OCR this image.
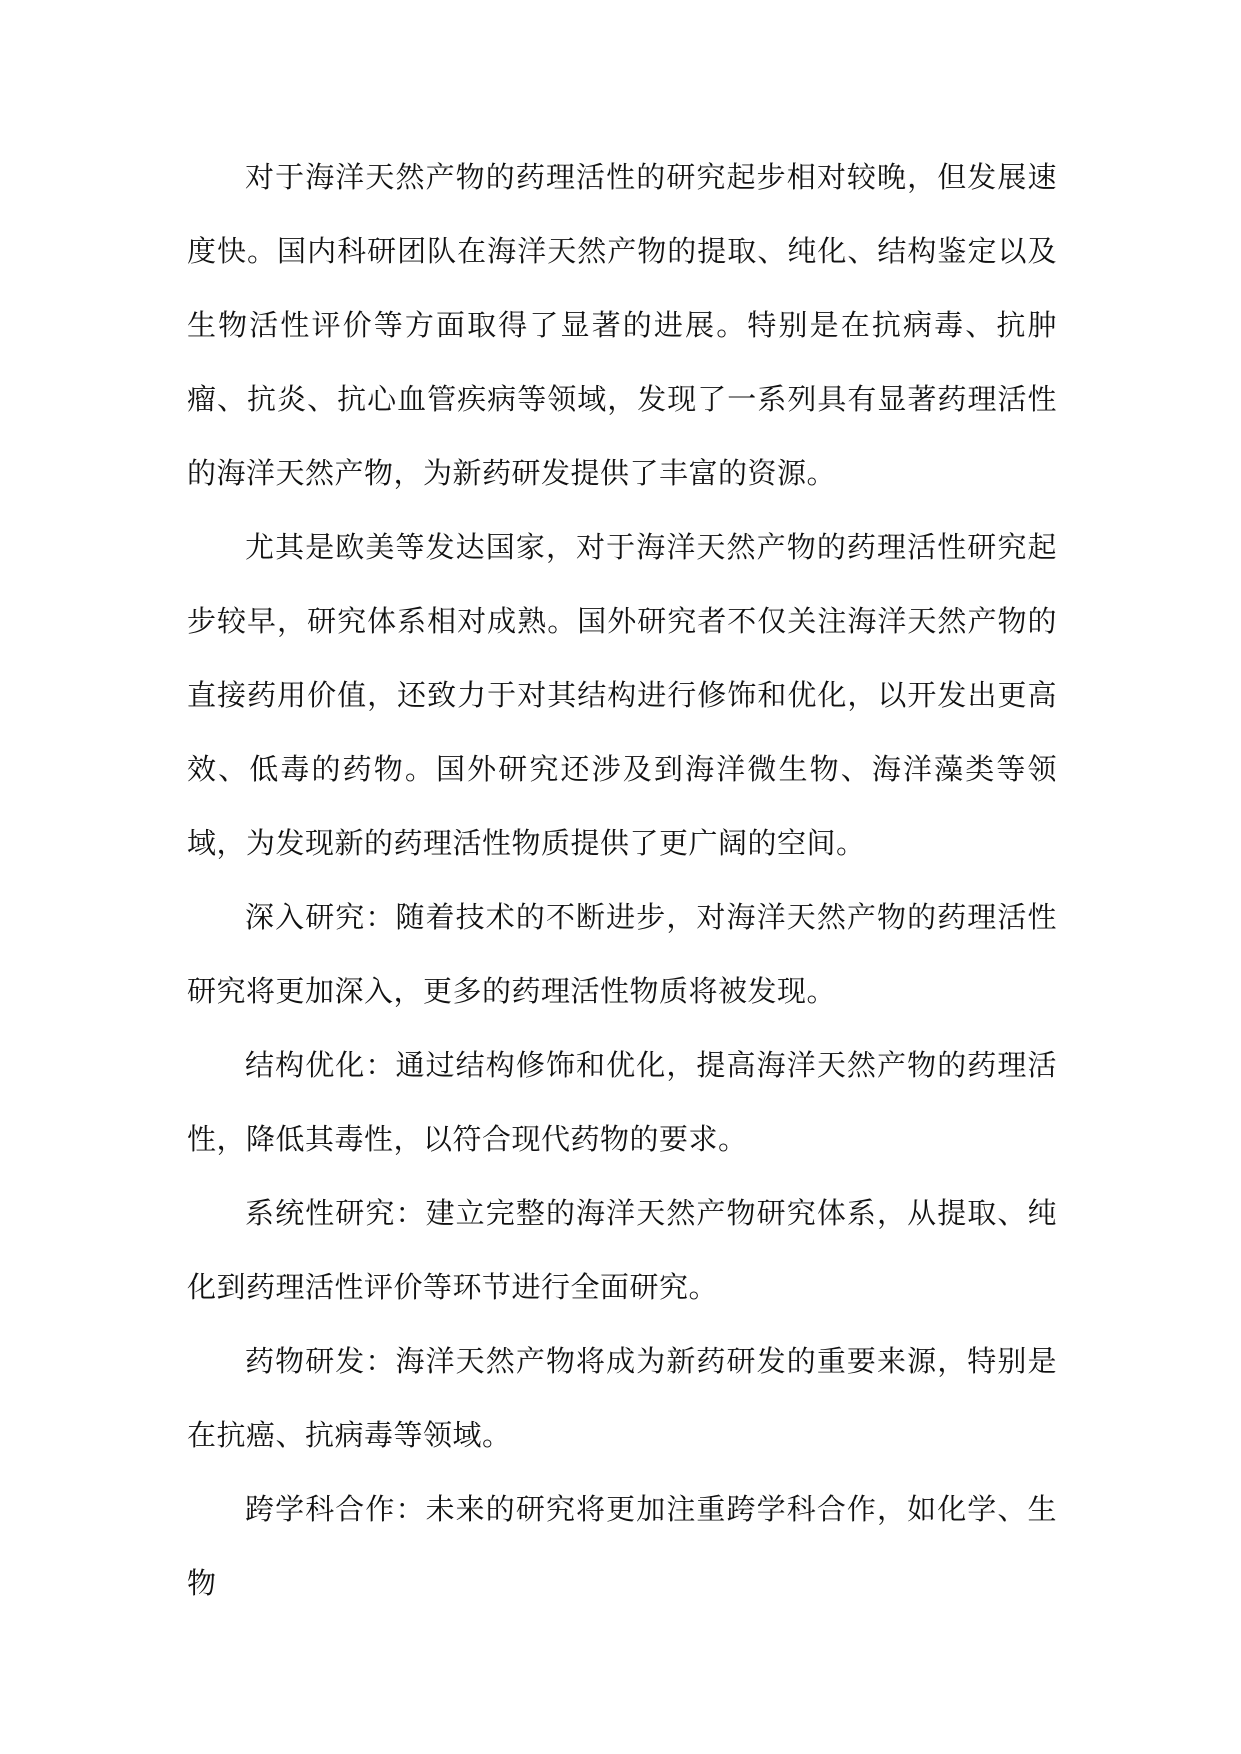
对于海洋天然产物的药理活性的研究起步相对较晚，但发展速度快。国内科研团队在海洋天然产物的提取、纯化、结构鉴定以及生物活性评价等方面取得了显著的进展。特别是在抗病毒、抗肿瘤、抗炎、抗心血管疾病等领域，发现了一系列具有显著药理活性的海洋天然产物，为新药研发提供了丰富的资源。

尤其是欧美等发达国家，对于海洋天然产物的药理活性研究起步较早，研究体系相对成熟。国外研究者不仅关注海洋天然产物的直接药用价值，还致力于对其结构进行修饰和优化，以开发出更高效、低毒的药物。国外研究还涉及到海洋微生物、海洋藻类等领域，为发现新的药理活性物质提供了更广阔的空间。

深入研究：随着技术的不断进步，对海洋天然产物的药理活性研究将更加深入，更多的药理活性物质将被发现。

结构优化：通过结构修饰和优化，提高海洋天然产物的药理活性，降低其毒性，以符合现代药物的要求。

系统性研究：建立完整的海洋天然产物研究体系，从提取、纯化到药理活性评价等环节进行全面研究。

药物研发：海洋天然产物将成为新药研发的重要来源，特别是在抗癌、抗病毒等领域。

跨学科合作：未来的研究将更加注重跨学科合作，如化学、生物
